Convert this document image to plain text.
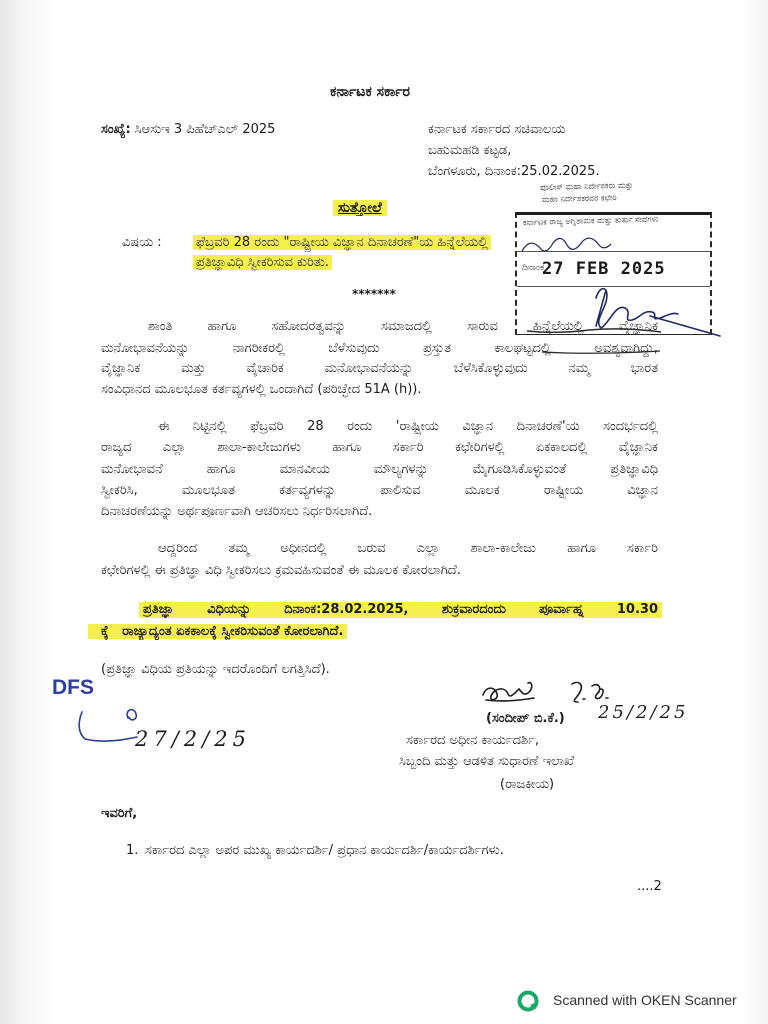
ಕರ್ನಾಟಕ ಸರ್ಕಾರ
ಸಂಖ್ಯೆ: ಸಿಆಸುಇ 3 ಪಿಹೆಚ್‌ಎಲ್ 2025	ಕರ್ನಾಟಕ ಸರ್ಕಾರದ ಸಚಿವಾಲಯ
ಬಹುಮಹಡಿ ಕಟ್ಟಡ,
ಬೆಂಗಳೂರು, ದಿನಾಂಕ:25.02.2025.
ಪೊಲೀಸ್ ಮಹಾ ನಿರ್ದೇಶಕರು ಮತ್ತು
ಮಹಾ ನಿರ್ದೇಶಕರವರ ಕಛೇರಿ
ಕರ್ನಾಟಕ ರಾಜ್ಯ ಅಗ್ನಿಶಾಮಕ ಮತ್ತು ತುರ್ತು ಸೇವೆಗಳು
ದಿನಾಂಕ
27 FEB 2025
ಸುತ್ತೋಲೆ
ವಿಷಯ :	ಫೆಬ್ರವರಿ 28 ರಂದು "ರಾಷ್ಟ್ರೀಯ ವಿಜ್ಞಾನ ದಿನಾಚರಣೆ"ಯ ಹಿನ್ನೆಲೆಯಲ್ಲಿ
ಪ್ರತಿಜ್ಞಾವಿಧಿ ಸ್ವೀಕರಿಸುವ ಕುರಿತು.
*******
ಶಾಂತಿ ಹಾಗೂ ಸಹೋದರತ್ವವನ್ನು ಸಮಾಜದಲ್ಲಿ ಸಾರುವ ಹಿನ್ನೆಲೆಯಲ್ಲಿ ವೈಜ್ಞಾನಿಕ
ಮನೋಭಾವನೆಯನ್ನು ನಾಗರೀಕರಲ್ಲಿ ಬೆಳೆಸುವುದು ಪ್ರಸ್ತುತ ಕಾಲಘಟ್ಟದಲ್ಲಿ ಅವಶ್ಯವಾಗಿದ್ದು,
ವೈಜ್ಞಾನಿಕ ಮತ್ತು ವೈಚಾರಿಕ ಮನೋಭಾವನೆಯನ್ನು ಬೆಳೆಸಿಕೊಳ್ಳುವುದು ನಮ್ಮ ಭಾರತ
ಸಂವಿಧಾನದ ಮೂಲಭೂತ ಕರ್ತವ್ಯಗಳಲ್ಲಿ ಒಂದಾಗಿದೆ (ಪರಿಚ್ಛೇದ 51A (h)).
ಈ ನಿಟ್ಟಿನಲ್ಲಿ ಫೆಬ್ರವರಿ 28 ರಂದು 'ರಾಷ್ಟ್ರೀಯ ವಿಜ್ಞಾನ ದಿನಾಚರಣೆ'ಯ ಸಂದರ್ಭದಲ್ಲಿ
ರಾಜ್ಯದ ಎಲ್ಲಾ ಶಾಲಾ-ಕಾಲೇಜುಗಳು ಹಾಗೂ ಸರ್ಕಾರಿ ಕಛೇರಿಗಳಲ್ಲಿ ಏಕಕಾಲದಲ್ಲಿ ವೈಜ್ಞಾನಿಕ
ಮನೋಭಾವನೆ ಹಾಗೂ ಮಾನವೀಯ ಮೌಲ್ಯಗಳನ್ನು ಮೈಗೂಡಿಸಿಕೊಳ್ಳುವಂತೆ ಪ್ರತಿಜ್ಞಾವಿಧಿ
ಸ್ವೀಕರಿಸಿ, ಮೂಲಭೂತ ಕರ್ತವ್ಯಗಳನ್ನು ಪಾಲಿಸುವ ಮೂಲಕ ರಾಷ್ಟ್ರೀಯ ವಿಜ್ಞಾನ
ದಿನಾಚರಣೆಯನ್ನು ಅರ್ಥಪೂರ್ಣವಾಗಿ ಆಚರಿಸಲು ನಿರ್ಧರಿಸಲಾಗಿದೆ.
ಆದ್ದರಿಂದ ತಮ್ಮ ಅಧೀನದಲ್ಲಿ ಬರುವ ಎಲ್ಲಾ ಶಾಲಾ-ಕಾಲೇಜು ಹಾಗೂ ಸರ್ಕಾರಿ
ಕಛೇರಿಗಳಲ್ಲಿ ಈ ಪ್ರತಿಜ್ಞಾ ವಿಧಿ ಸ್ವೀಕರಿಸಲು ಕ್ರಮವಹಿಸುವಂತೆ ಈ ಮೂಲಕ ಕೋರಲಾಗಿದೆ.
ಪ್ರತಿಜ್ಞಾ ವಿಧಿಯನ್ನು ದಿನಾಂಕ:28.02.2025, ಶುಕ್ರವಾರದಂದು ಪೂರ್ವಾಹ್ನ 10.30
ಕ್ಕೆ   ರಾಜ್ಯಾದ್ಯಂತ ಏಕಕಾಲಕ್ಕೆ ಸ್ವೀಕರಿಸುವಂತೆ ಕೋರಲಾಗಿದೆ.
(ಪ್ರತಿಜ್ಞಾ ವಿಧಿಯ ಪ್ರತಿಯನ್ನು ಇದರೊಂದಿಗೆ ಲಗತ್ತಿಸಿದೆ).
DFS
27/2/25
25/2/25
(ಸಂದೀಪ್ ಬಿ.ಕೆ.)
ಸರ್ಕಾರದ ಅಧೀನ ಕಾರ್ಯದರ್ಶಿ,
ಸಿಬ್ಬಂದಿ ಮತ್ತು ಆಡಳಿತ ಸುಧಾರಣೆ ಇಲಾಖೆ
(ರಾಜಕೀಯ)
ಇವರಿಗೆ,
1. ಸರ್ಕಾರದ ಎಲ್ಲಾ ಅಪರ ಮುಖ್ಯ ಕಾರ್ಯದರ್ಶಿ/ ಪ್ರಧಾನ ಕಾರ್ಯದರ್ಶಿ/ಕಾರ್ಯದರ್ಶಿಗಳು.
....2
Scanned with OKEN Scanner
